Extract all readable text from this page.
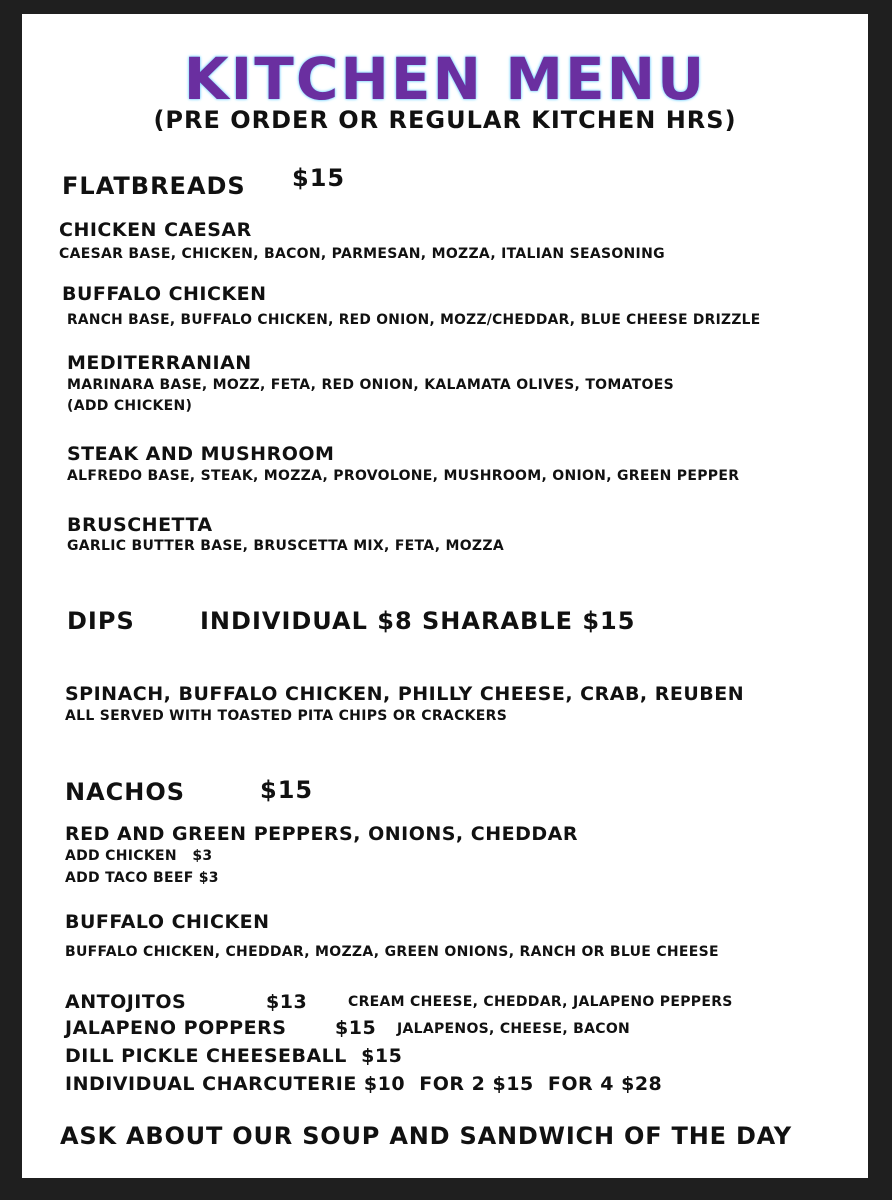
KITCHEN MENU
(PRE ORDER OR REGULAR KITCHEN HRS)
FLATBREADS $15
CHICKEN CAESAR
CAESAR BASE, CHICKEN, BACON, PARMESAN, MOZZA, ITALIAN SEASONING
BUFFALO CHICKEN
RANCH BASE, BUFFALO CHICKEN, RED ONION, MOZZ/CHEDDAR, BLUE CHEESE DRIZZLE
MEDITERRANIAN
MARINARA BASE, MOZZ, FETA, RED ONION, KALAMATA OLIVES, TOMATOES
(ADD CHICKEN)
STEAK AND MUSHROOM
ALFREDO BASE, STEAK, MOZZA, PROVOLONE, MUSHROOM, ONION, GREEN PEPPER
BRUSCHETTA
GARLIC BUTTER BASE, BRUSCETTA MIX, FETA, MOZZA
DIPS	INDIVIDUAL $8 SHARABLE $15
SPINACH, BUFFALO CHICKEN, PHILLY CHEESE, CRAB, REUBEN
ALL SERVED WITH TOASTED PITA CHIPS OR CRACKERS
NACHOS	$15
RED AND GREEN PEPPERS, ONIONS, CHEDDAR
ADD CHICKEN   $3
ADD TACO BEEF $3
BUFFALO CHICKEN
BUFFALO CHICKEN, CHEDDAR, MOZZA, GREEN ONIONS, RANCH OR BLUE CHEESE
ANTOJITOS	$13	CREAM CHEESE, CHEDDAR, JALAPENO PEPPERS
JALAPENO POPPERS	$15 JALAPENOS, CHEESE, BACON
DILL PICKLE CHEESEBALL  $15
INDIVIDUAL CHARCUTERIE $10  FOR 2 $15  FOR 4 $28
ASK ABOUT OUR SOUP AND SANDWICH OF THE DAY
